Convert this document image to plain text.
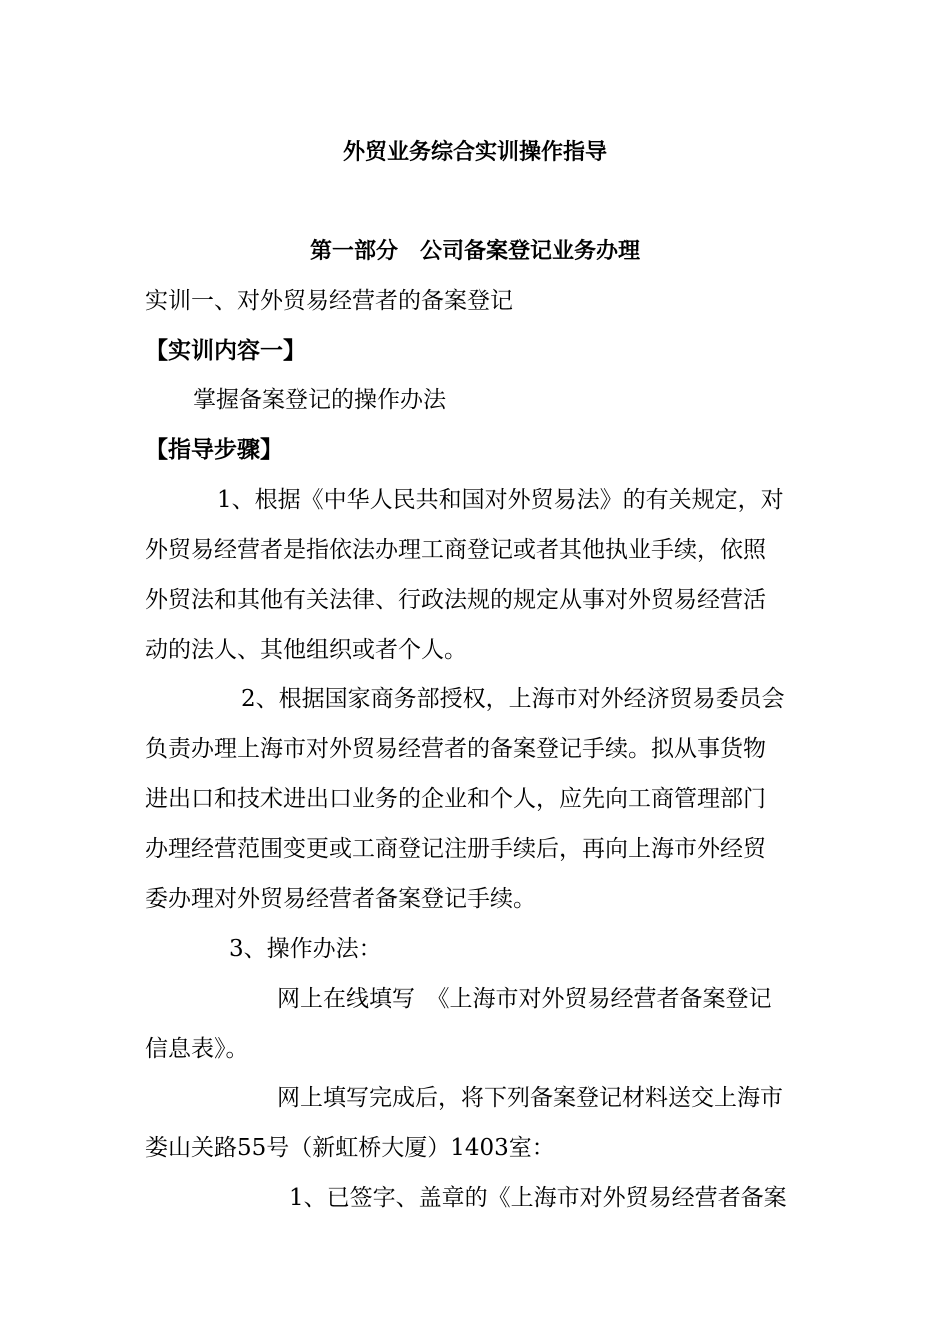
外贸业务综合实训操作指导
第一部分　公司备案登记业务办理
实训一、对外贸易经营者的备案登记
【实训内容一】
掌握备案登记的操作办法
【指导步骤】
1、根据《中华人民共和国对外贸易法》的有关规定，对
外贸易经营者是指依法办理工商登记或者其他执业手续，依照
外贸法和其他有关法律、行政法规的规定从事对外贸易经营活
动的法人、其他组织或者个人。
2、根据国家商务部授权，上海市对外经济贸易委员会
负责办理上海市对外贸易经营者的备案登记手续。拟从事货物
进出口和技术进出口业务的企业和个人，应先向工商管理部门
办理经营范围变更或工商登记注册手续后，再向上海市外经贸
委办理对外贸易经营者备案登记手续。
3、操作办法：
网上在线填写　《上海市对外贸易经营者备案登记
信息表》。
网上填写完成后，将下列备案登记材料送交上海市
娄山关路55号（新虹桥大厦）1403室：
1、已签字、盖章的《上海市对外贸易经营者备案
